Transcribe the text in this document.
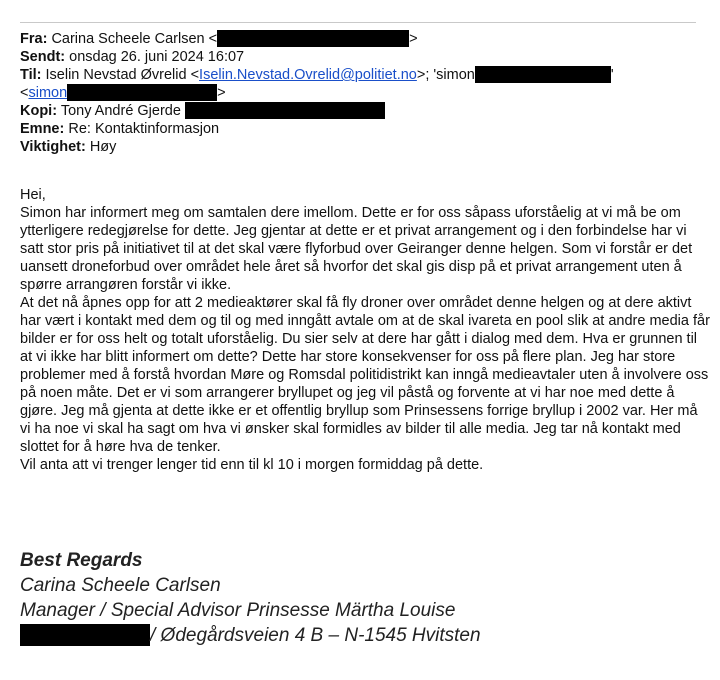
Fra: Carina Scheele Carlsen <	>
Sendt: onsdag 26. juni 2024 16:07
Til: Iselin Nevstad Øvrelid <Iselin.Nevstad.Ovrelid@politiet.no>; 'simon	'
<simon	>
Kopi: Tony André Gjerde
Emne: Re: Kontaktinformasjon
Viktighet: Høy

Hei,

Simon har informert meg om samtalen dere imellom. Dette er for oss såpass uforståelig at vi må be om ytterligere redegjørelse for dette. Jeg gjentar at dette er et privat arrangement og i den forbindelse har vi satt stor pris på initiativet til at det skal være flyforbud over Geiranger denne helgen. Som vi forstår er det uansett droneforbud over området hele året så hvorfor det skal gis disp på et privat arrangement uten å spørre arrangøren forstår vi ikke.

At det nå åpnes opp for att 2 medieaktører skal få fly droner over området denne helgen og at dere aktivt har vært i kontakt med dem og til og med inngått avtale om at de skal ivareta en pool slik at andre media får bilder er for oss helt og totalt uforståelig. Du sier selv at dere har gått i dialog med dem. Hva er grunnen til at vi ikke har blitt informert om dette? Dette har store konsekvenser for oss på flere plan. Jeg har store problemer med å forstå hvordan Møre og Romsdal politidistrikt kan inngå medieavtaler uten å involvere oss på noen måte. Det er vi som arrangerer bryllupet og jeg vil påstå og forvente at vi har noe med dette å gjøre. Jeg må gjenta at dette ikke er et offentlig bryllup som Prinsessens forrige bryllup i 2002 var. Her må vi ha noe vi skal ha sagt om hva vi ønsker skal formidles av bilder til alle media. Jeg tar nå kontakt med slottet for å høre hva de tenker.

Vil anta att vi trenger lenger tid enn til kl 10 i morgen formiddag på dette.

Best Regards
Carina Scheele Carlsen
Manager / Special Advisor Prinsesse Märtha Louise
/ Ødegårdsveien 4 B – N-1545 Hvitsten
